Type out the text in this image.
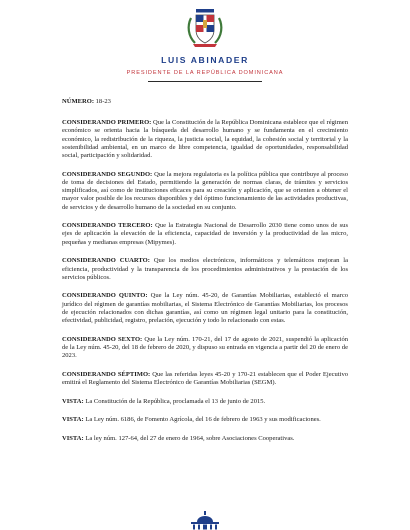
LUIS ABINADER
PRESIDENTE DE LA REPÚBLICA DOMINICANA

NÚMERO: 18-23

CONSIDERANDO PRIMERO: Que la Constitución de la República Dominicana establece que el régimen económico se orienta hacia la búsqueda del desarrollo humano y se fundamenta en el crecimiento económico, la redistribución de la riqueza, la justicia social, la equidad, la cohesión social y territorial y la sostenibilidad ambiental, en un marco de libre competencia, igualdad de oportunidades, responsabilidad social, participación y solidaridad.

CONSIDERANDO SEGUNDO: Que la mejora regulatoria es la política pública que contribuye al proceso de toma de decisiones del Estado, permitiendo la generación de normas claras, de trámites y servicios simplificados, así como de instituciones eficaces para su creación y aplicación, que se orienten a obtener el mayor valor posible de los recursos disponibles y del óptimo funcionamiento de las actividades productivas, de servicios y de desarrollo humano de la sociedad en su conjunto.

CONSIDERANDO TERCERO: Que la Estrategia Nacional de Desarrollo 2030 tiene como unos de sus ejes de aplicación la elevación de la eficiencia, capacidad de inversión y la productividad de las micro, pequeñas y medianas empresas (Mipymes).

CONSIDERANDO CUARTO: Que los medios electrónicos, informáticos y telemáticos mejoran la eficiencia, productividad y la transparencia de los procedimientos administrativos y la prestación de los servicios públicos.

CONSIDERANDO QUINTO: Que la Ley núm. 45-20, de Garantías Mobiliarias, estableció el marco jurídico del régimen de garantías mobiliarias, el Sistema Electrónico de Garantías Mobiliarias, los procesos de ejecución relacionados con dichas garantías, así como un régimen legal unitario para la constitución, efectividad, publicidad, registro, prelación, ejecución y todo lo relacionado con estas.

CONSIDERANDO SEXTO: Que la Ley núm. 170-21, del 17 de agosto de 2021, suspendió la aplicación de la Ley núm. 45-20, del 18 de febrero de 2020, y dispuso su entrada en vigencia a partir del 20 de enero de 2023.

CONSIDERANDO SÉPTIMO: Que las referidas leyes 45-20 y 170-21 establecen que el Poder Ejecutivo emitirá el Reglamento del Sistema Electrónico de Garantías Mobiliarias (SEGM).

VISTA: La Constitución de la República, proclamada el 13 de junio de 2015.

VISTA: La Ley núm. 6186, de Fomento Agrícola, del 16 de febrero de 1963 y sus modificaciones.

VISTA: La ley núm. 127-64, del 27 de enero de 1964, sobre Asociaciones Cooperativas.
